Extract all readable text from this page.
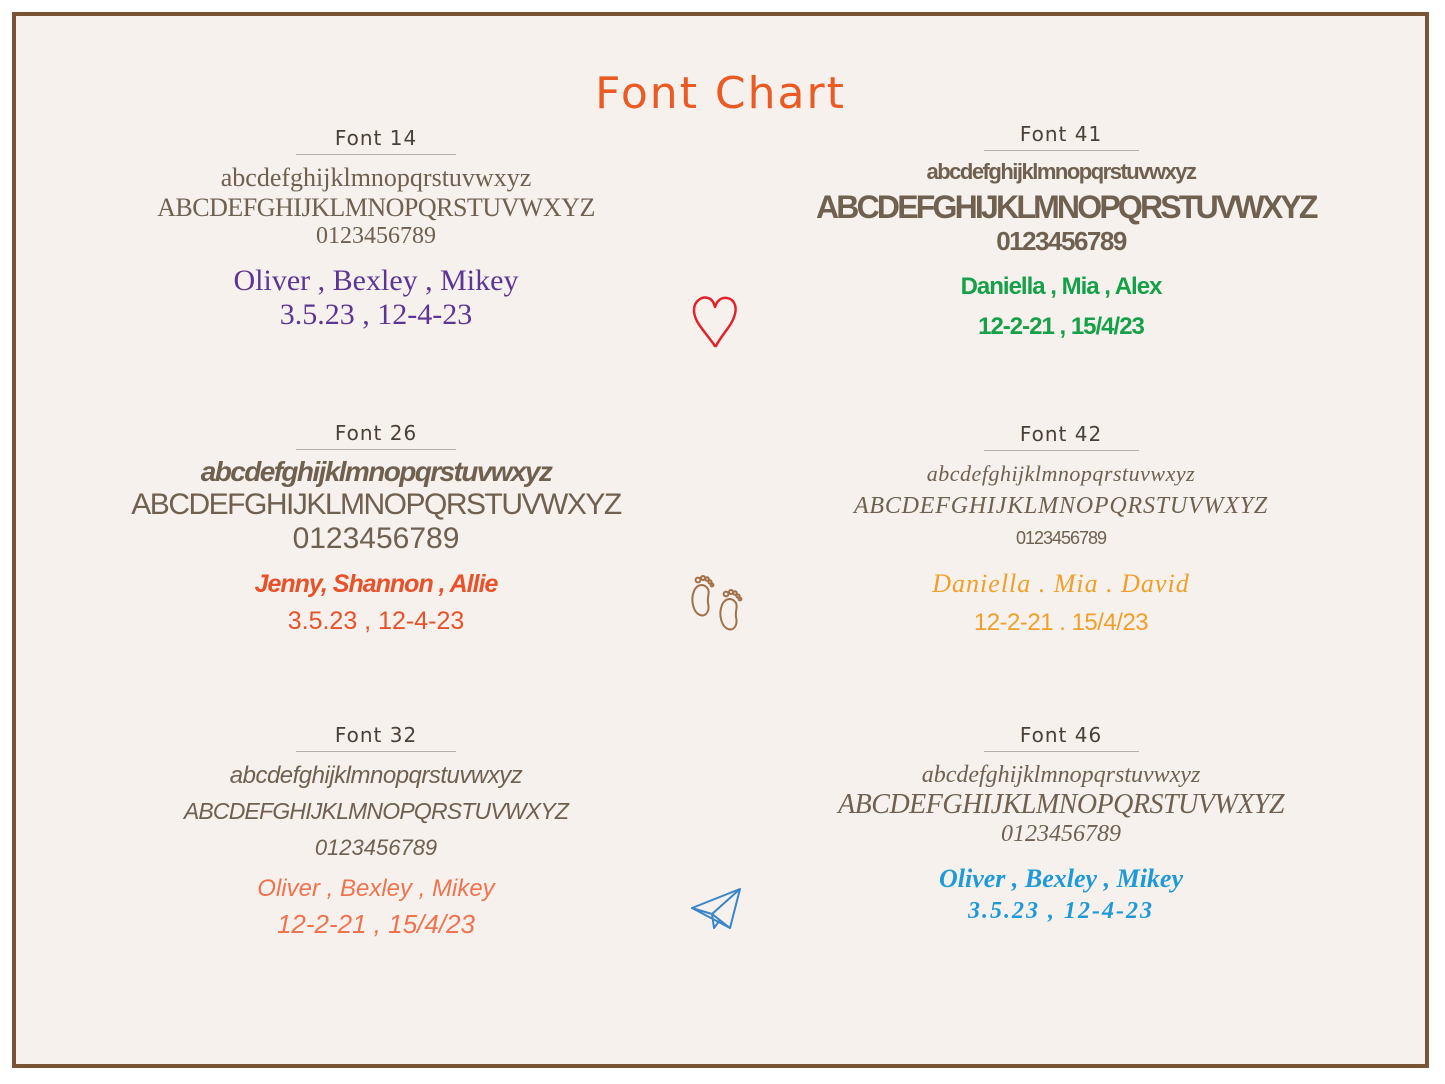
Font Chart
Font 14
abcdefghijklmnopqrstuvwxyz
ABCDEFGHIJKLMNOPQRSTUVWXYZ
0123456789
Oliver , Bexley , Mikey
3.5.23 , 12-4-23
Font 41
abcdefghijklmnopqrstuvwxyz
ABCDEFGHIJKLMNOPQRSTUVWXYZ
0123456789
Daniella , Mia , Alex
12-2-21 , 15/4/23
Font 26
abcdefghijklmnopqrstuvwxyz
ABCDEFGHIJKLMNOPQRSTUVWXYZ
0123456789
Jenny, Shannon , Allie
3.5.23 , 12-4-23
Font 42
abcdefghijklmnopqrstuvwxyz
ABCDEFGHIJKLMNOPQRSTUVWXYZ
0123456789
Daniella . Mia . David
12-2-21 . 15/4/23
Font 32
abcdefghijklmnopqrstuvwxyz
ABCDEFGHIJKLMNOPQRSTUVWXYZ
0123456789
Oliver , Bexley , Mikey
12-2-21 , 15/4/23
Font 46
abcdefghijklmnopqrstuvwxyz
ABCDEFGHIJKLMNOPQRSTUVWXYZ
0123456789
Oliver , Bexley , Mikey
3.5.23 , 12-4-23
